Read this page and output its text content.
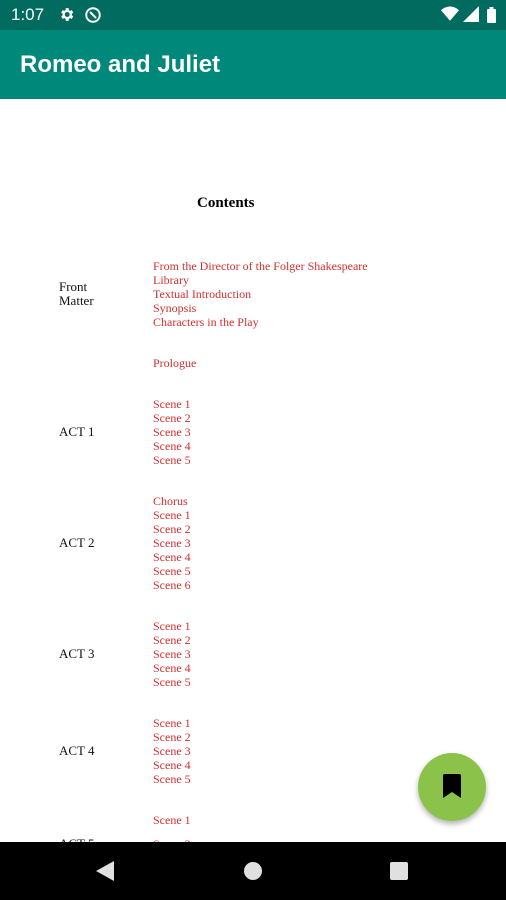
1:07
Romeo and Juliet
Contents
Front
Matter
From the Director of the Folger Shakespeare
Library
Textual Introduction
Synopsis
Characters in the Play
Prologue
ACT 1
Scene 1
Scene 2
Scene 3
Scene 4
Scene 5
ACT 2
Chorus
Scene 1
Scene 2
Scene 3
Scene 4
Scene 5
Scene 6
ACT 3
Scene 1
Scene 2
Scene 3
Scene 4
Scene 5
ACT 4
Scene 1
Scene 2
Scene 3
Scene 4
Scene 5
Scene 1
